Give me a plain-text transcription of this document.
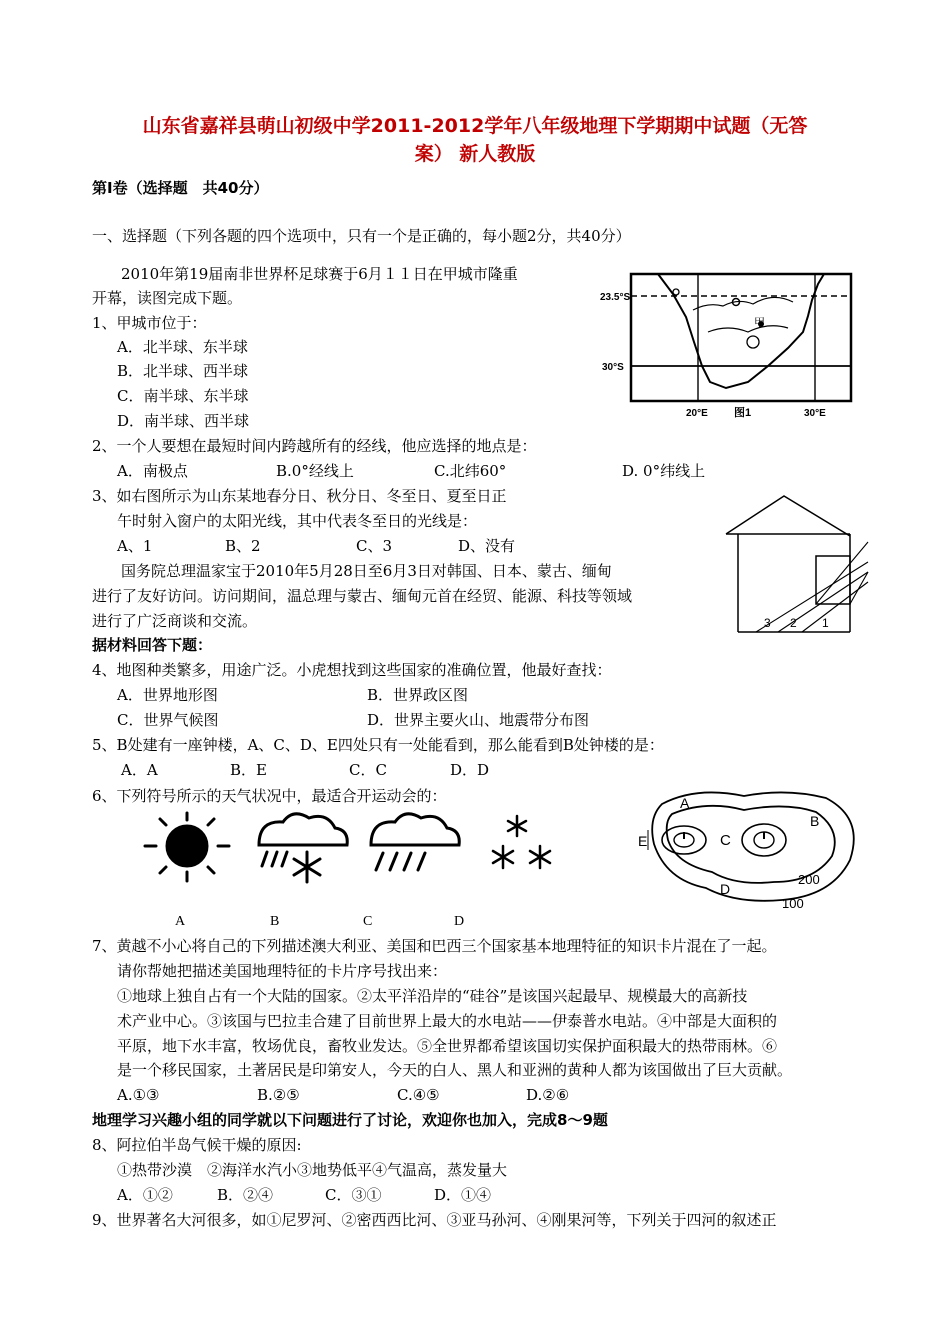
山东省嘉祥县萌山初级中学2011-2012学年八年级地理下学期期中试题（无答
案） 新人教版
第Ⅰ卷（选择题　共40分）
一、选择题（下列各题的四个选项中，只有一个是正确的，每小题2分，共40分）
2010年第19届南非世界杯足球赛于6月１１日在甲城市隆重
开幕，读图完成下题。
1、甲城市位于：
A．北半球、东半球
B．北半球、西半球
C．南半球、东半球
D．南半球、西半球
2、一个人要想在最短时间内跨越所有的经线，他应选择的地点是：
A．南极点	B.0°经线上	C.北纬60°	D. 0°纬线上
3、如右图所示为山东某地春分日、秋分日、冬至日、夏至日正
午时射入窗户的太阳光线，其中代表冬至日的光线是：
A、1	B、2	C、3	D、没有
国务院总理温家宝于2010年5月28日至6月3日对韩国、日本、蒙古、缅甸
进行了友好访问。访问期间，温总理与蒙古、缅甸元首在经贸、能源、科技等领域
进行了广泛商谈和交流。
据材料回答下题：
4、地图种类繁多，用途广泛。小虎想找到这些国家的准确位置，他最好查找：
A．世界地形图	B．世界政区图
C．世界气候图	D．世界主要火山、地震带分布图
5、B处建有一座钟楼，A、C、D、E四处只有一处能看到，那么能看到B处钟楼的是：
A．A	B．E	C．C	D．D
6、下列符号所示的天气状况中，最适合开运动会的：
A	B	C	D
7、黄越不小心将自己的下列描述澳大利亚、美国和巴西三个国家基本地理特征的知识卡片混在了一起。
请你帮她把描述美国地理特征的卡片序号找出来：
①地球上独自占有一个大陆的国家。②太平洋沿岸的“硅谷”是该国兴起最早、规模最大的高新技
术产业中心。③该国与巴拉圭合建了目前世界上最大的水电站——伊泰普水电站。④中部是大面积的
平原，地下水丰富，牧场优良，畜牧业发达。⑤全世界都希望该国切实保护面积最大的热带雨林。⑥
是一个移民国家，土著居民是印第安人，今天的白人、黑人和亚洲的黄种人都为该国做出了巨大贡献。
A.①③	B.②⑤	C.④⑤	D.②⑥
地理学习兴趣小组的同学就以下问题进行了讨论，欢迎你也加入，完成8～9题
8、阿拉伯半岛气候干燥的原因:
①热带沙漠　②海洋水汽小③地势低平④气温高，蒸发量大
A．①②	B．②④	C．③①	D．①④
9、世界著名大河很多，如①尼罗河、②密西西比河、③亚马孙河、④刚果河等，下列关于四河的叙述正
甲
23.5°S
30°S
20°E	30°E
图1
3 2 1
A
B
C
D
E
200
100
